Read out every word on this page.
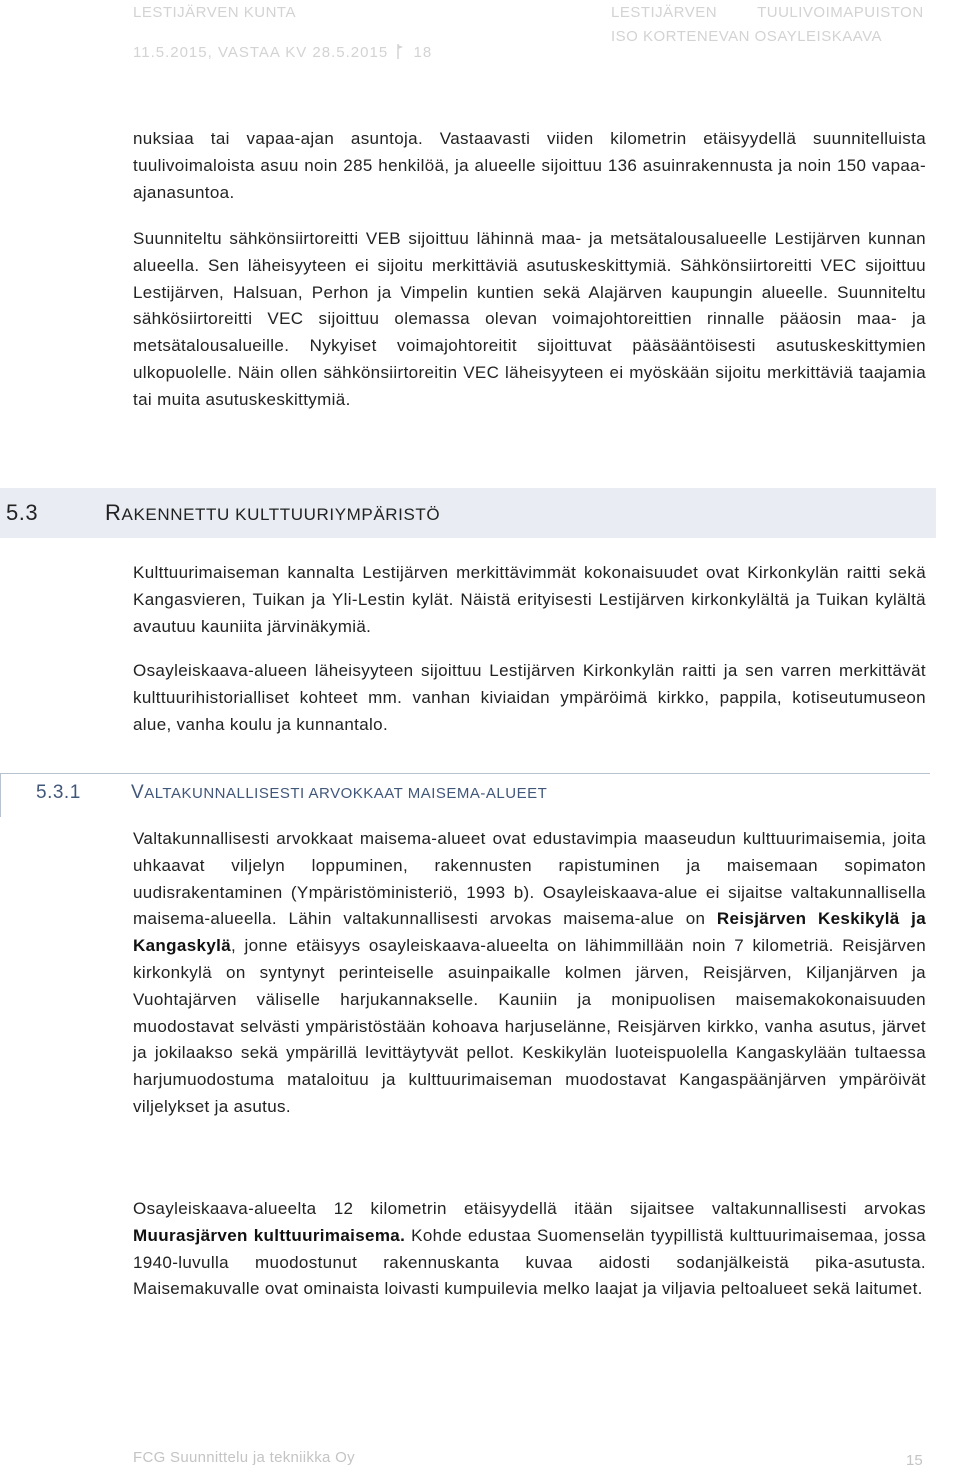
LESTIJÄRVEN KUNTA	LESTIJÄRVEN	TUULIVOIMAPUISTON
ISO KORTENEVAN OSAYLEISKAAVA
11.5.2015, VASTAA KV 28.5.2015 18

nuksiaa tai vapaa-ajan asuntoja. Vastaavasti viiden kilometrin etäisyydellä suunnitelluista tuulivoimaloista asuu noin 285 henkilöä, ja alueelle sijoittuu 136 asuinrakennusta ja noin 150 vapaa-ajanasuntoa.

Suunniteltu sähkönsiirtoreitti VEB sijoittuu lähinnä maa- ja metsätalousalueelle Lestijärven kunnan alueella. Sen läheisyyteen ei sijoitu merkittäviä asutuskeskittymiä. Sähkönsiirtoreitti VEC sijoittuu Lestijärven, Halsuan, Perhon ja Vimpelin kuntien sekä Alajärven kaupungin alueelle. Suunniteltu sähkösiirtoreitti VEC sijoittuu olemassa olevan voimajohtoreittien rinnalle pääosin maa- ja metsätalousalueille. Nykyiset voimajohtoreitit sijoittuvat pääsääntöisesti asutuskeskittymien ulkopuolelle. Näin ollen sähkönsiirtoreitin VEC läheisyyteen ei myöskään sijoitu merkittäviä taajamia tai muita asutuskeskittymiä.

5.3	RAKENNETTU KULTTUURIYMPÄRISTÖ

Kulttuurimaiseman kannalta Lestijärven merkittävimmät kokonaisuudet ovat Kirkonkylän raitti sekä Kangasvieren, Tuikan ja Yli-Lestin kylät. Näistä erityisesti Lestijärven kirkonkylältä ja Tuikan kylältä avautuu kauniita järvinäkymiä.

Osayleiskaava-alueen läheisyyteen sijoittuu Lestijärven Kirkonkylän raitti ja sen varren merkittävät kulttuurihistorialliset kohteet mm. vanhan kiviaidan ympäröimä kirkko, pappila, kotiseutumuseon alue, vanha koulu ja kunnantalo.

5.3.1	VALTAKUNNALLISESTI ARVOKKAAT MAISEMA-ALUEET

Valtakunnallisesti arvokkaat maisema-alueet ovat edustavimpia maaseudun kulttuurimaisemia, joita uhkaavat viljelyn loppuminen, rakennusten rapistuminen ja maisemaan sopimaton uudisrakentaminen (Ympäristöministeriö, 1993 b). Osayleiskaava-alue ei sijaitse valtakunnallisella maisema-alueella. Lähin valtakunnallisesti arvokas maisema-alue on Reisjärven Keskikylä ja Kangaskylä, jonne etäisyys osayleiskaava-alueelta on lähimmillään noin 7 kilometriä. Reisjärven kirkonkylä on syntynyt perinteiselle asuinpaikalle kolmen järven, Reisjärven, Kiljanjärven ja Vuohtajärven väliselle harjukannakselle. Kauniin ja monipuolisen maisemakokonaisuuden muodostavat selvästi ympäristöstään kohoava harjuselänne, Reisjärven kirkko, vanha asutus, järvet ja jokilaakso sekä ympärillä levittäytyvät pellot. Keskikylän luoteispuolella Kangaskylään tultaessa harjumuodostuma mataloituu ja kulttuurimaiseman muodostavat Kangaspäänjärven ympäröivät viljelykset ja asutus.

Osayleiskaava-alueelta 12 kilometrin etäisyydellä itään sijaitsee valtakunnallisesti arvokas Muurasjärven kulttuurimaisema. Kohde edustaa Suomenselän tyypillistä kulttuurimaisemaa, jossa 1940-luvulla muodostunut rakennuskanta kuvaa aidosti sodanjälkeistä pika-asutusta. Maisemakuvalle ovat ominaista loivasti kumpuilevia melko laajat ja viljavia peltoalueet sekä laitumet.

FCG Suunnittelu ja tekniikka Oy	15
